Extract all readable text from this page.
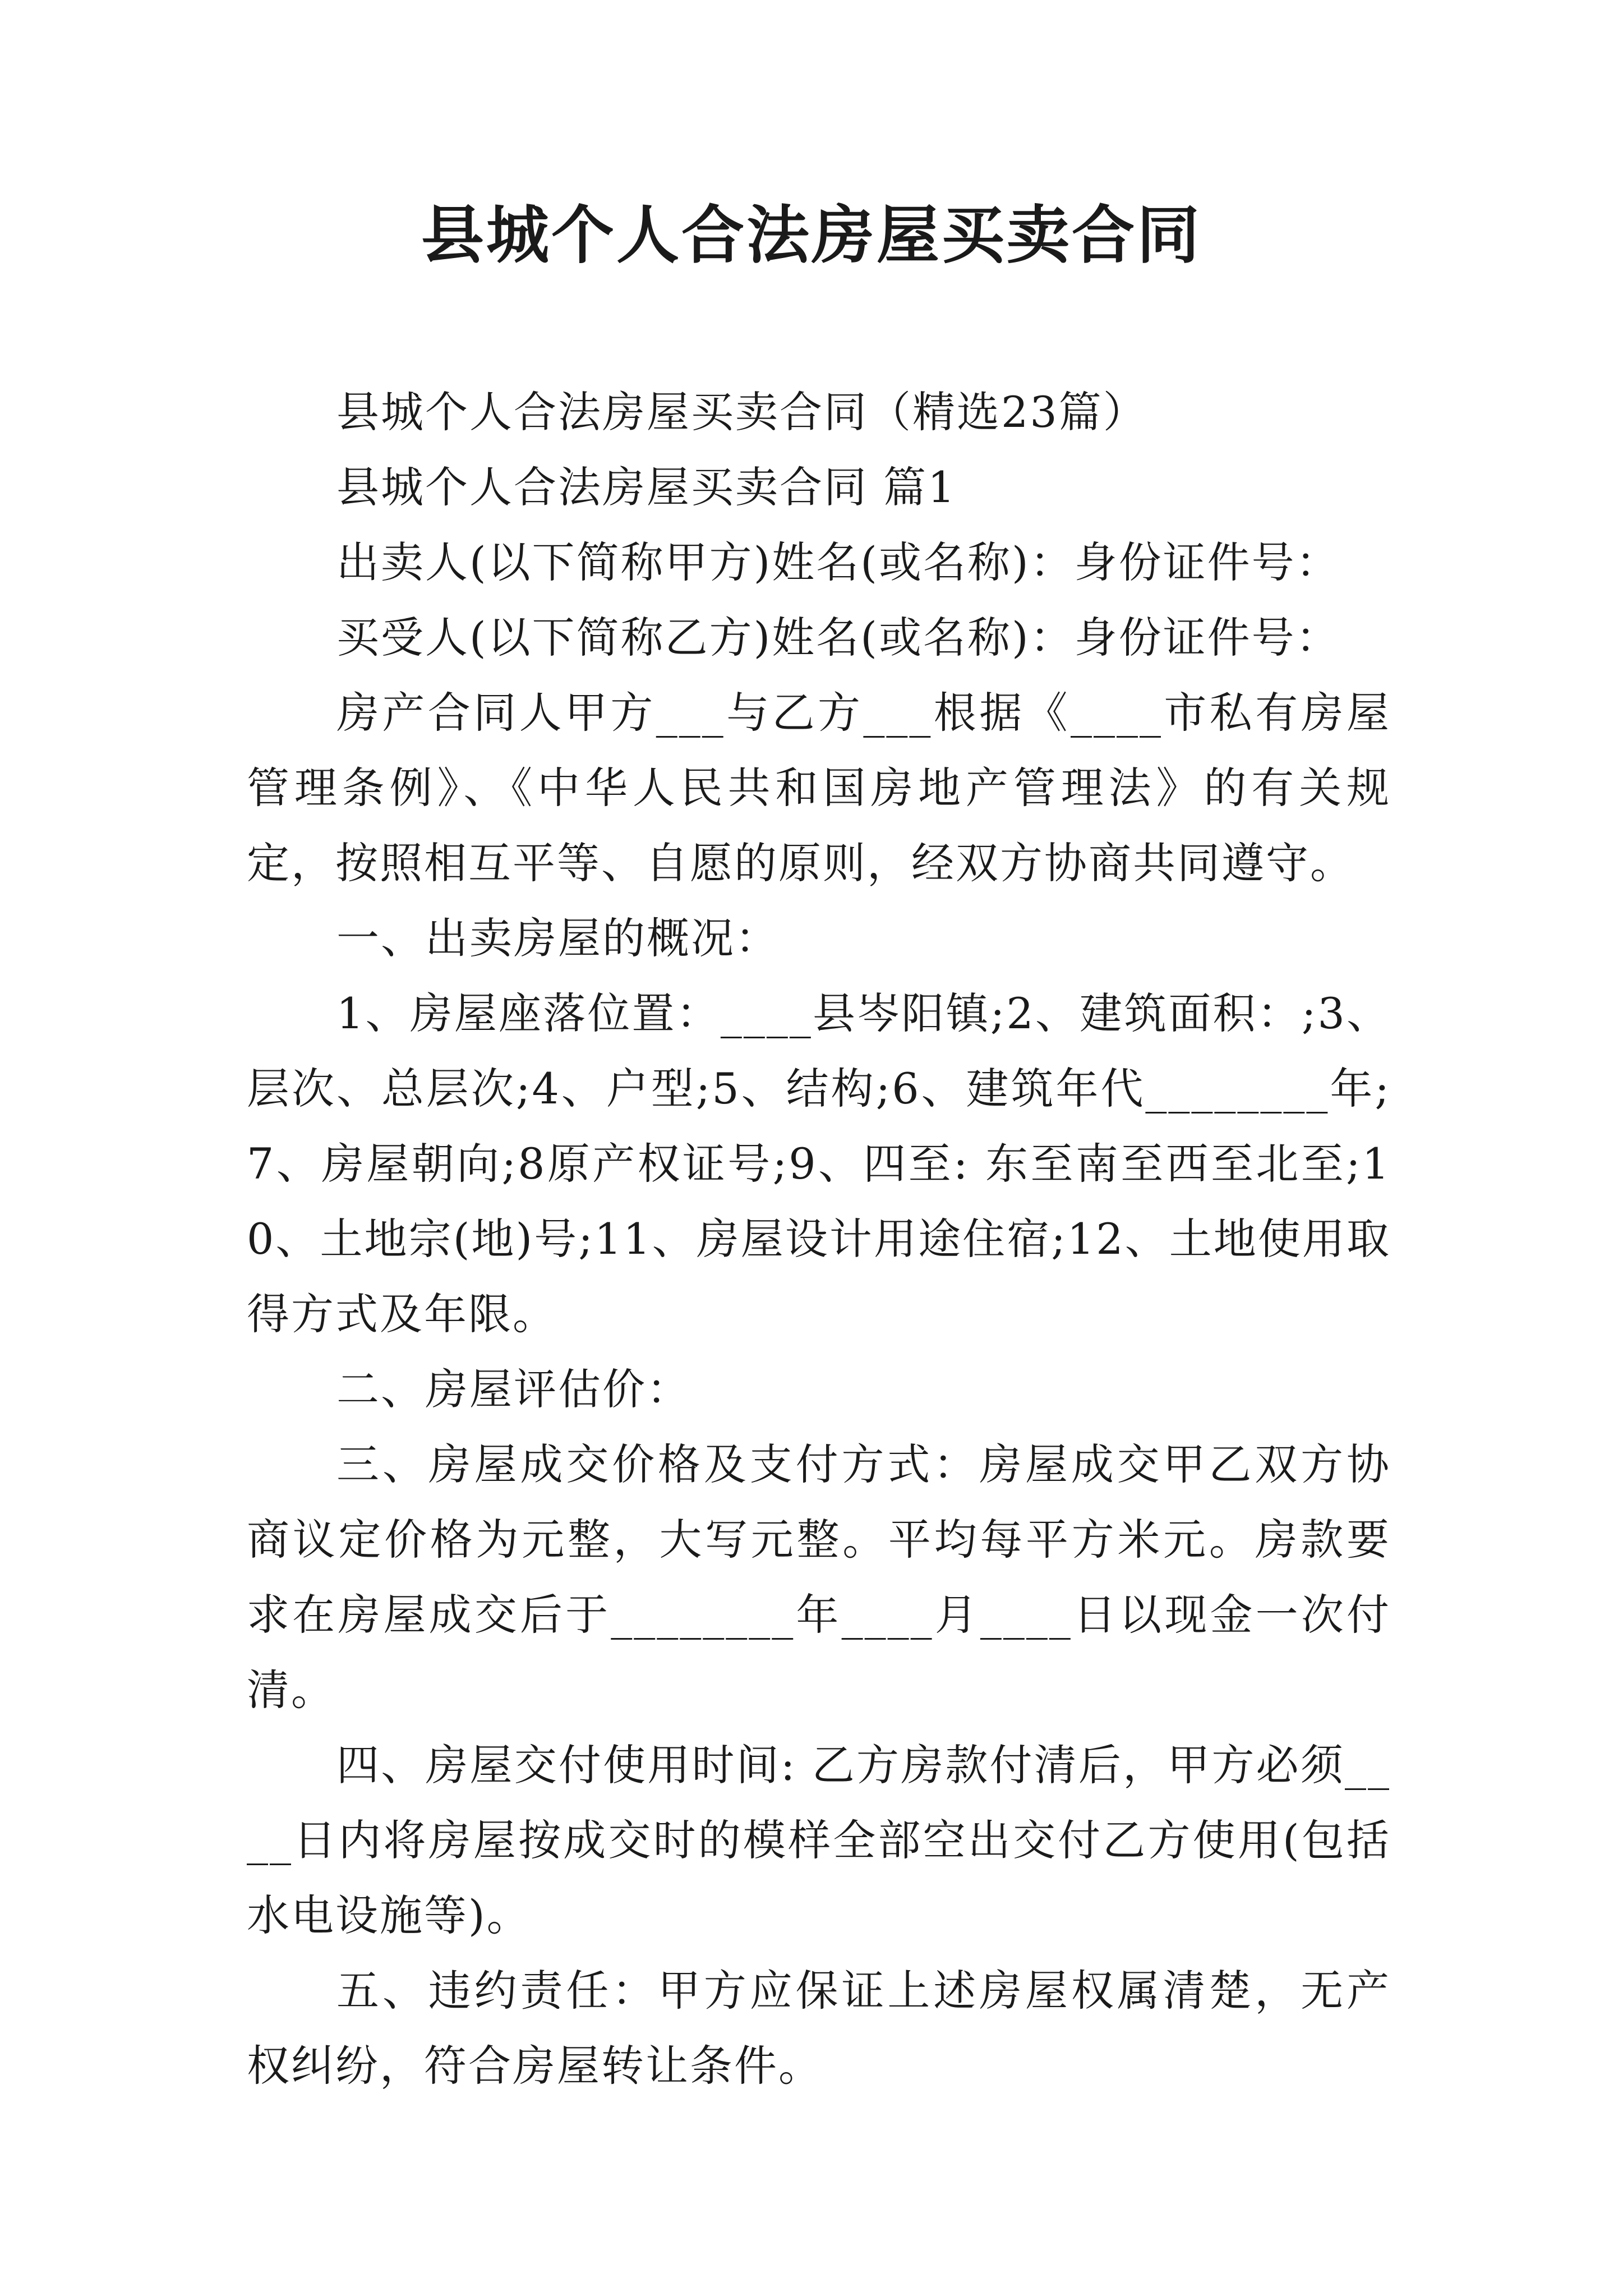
县城个人合法房屋买卖合同

县城个人合法房屋买卖合同（精选23篇）

县城个人合法房屋买卖合同 篇1

出卖人(以下简称甲方)姓名(或名称)：身份证件号：

买受人(以下简称乙方)姓名(或名称)：身份证件号：

房产合同人甲方___与乙方___根据《____市私有房屋管理条例》、《中华人民共和国房地产管理法》的有关规定，按照相互平等、自愿的原则，经双方协商共同遵守。

一、出卖房屋的概况：

1、房屋座落位置：____县岑阳镇;2、建筑面积：;3、层次、总层次;4、户型;5、结构;6、建筑年代________年;7、房屋朝向;8原产权证号;9、四至: 东至南至西至北至;10、土地宗(地)号;11、房屋设计用途住宿;12、土地使用取得方式及年限。

二、房屋评估价：

三、房屋成交价格及支付方式：房屋成交甲乙双方协商议定价格为元整，大写元整。平均每平方米元。房款要求在房屋成交后于________年____月____日以现金一次付清。

四、房屋交付使用时间: 乙方房款付清后，甲方必须____日内将房屋按成交时的模样全部空出交付乙方使用(包括水电设施等)。

五、违约责任：甲方应保证上述房屋权属清楚，无产权纠纷，符合房屋转让条件。
